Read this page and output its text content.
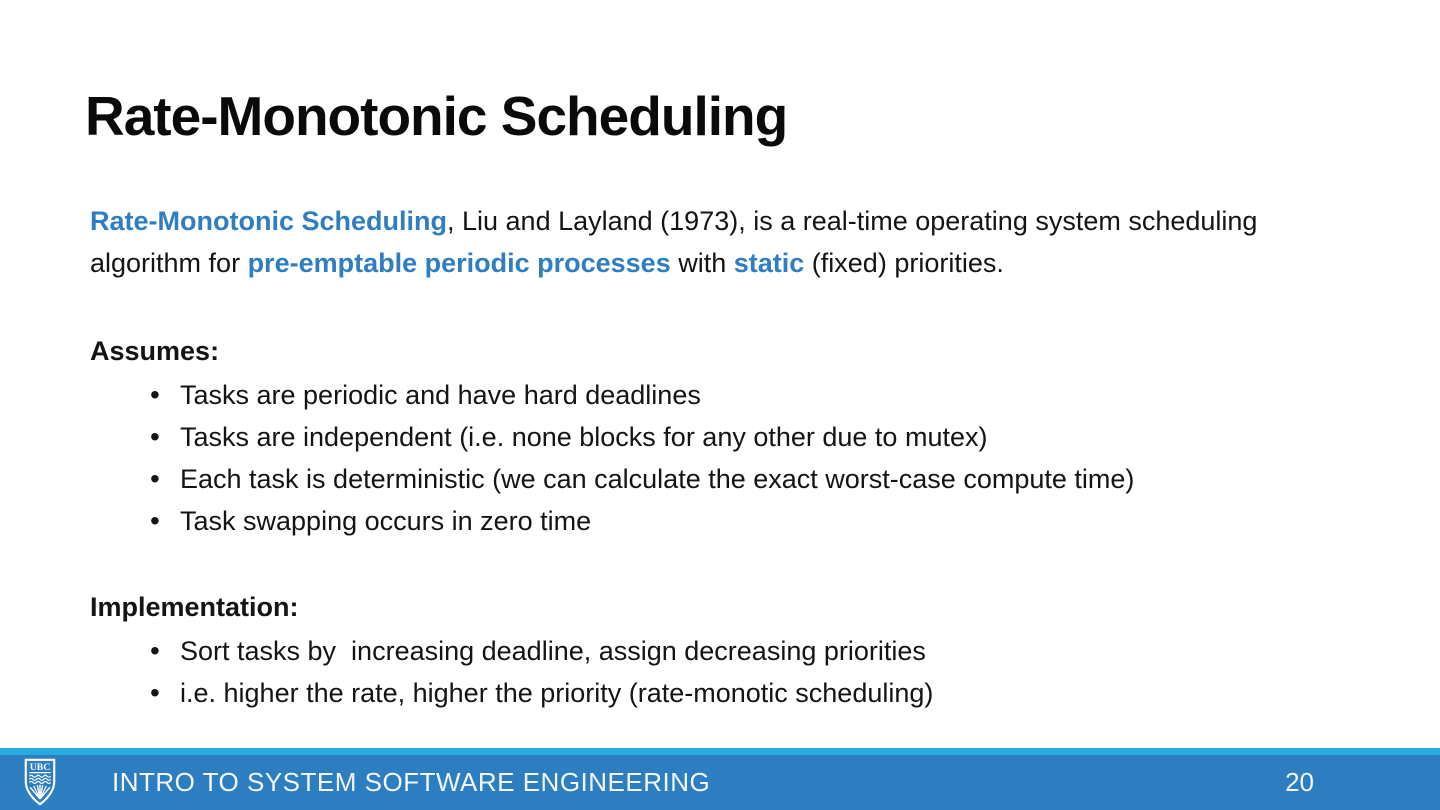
Rate-Monotonic Scheduling

Rate-Monotonic Scheduling, Liu and Layland (1973), is a real-time operating system scheduling algorithm for pre-emptable periodic processes with static (fixed) priorities.

Assumes:
• Tasks are periodic and have hard deadlines
• Tasks are independent (i.e. none blocks for any other due to mutex)
• Each task is deterministic (we can calculate the exact worst-case compute time)
• Task swapping occurs in zero time
Implementation:
• Sort tasks by  increasing deadline, assign decreasing priorities
• i.e. higher the rate, higher the priority (rate-monotic scheduling)
UBC INTRO TO SYSTEM SOFTWARE ENGINEERING	20
